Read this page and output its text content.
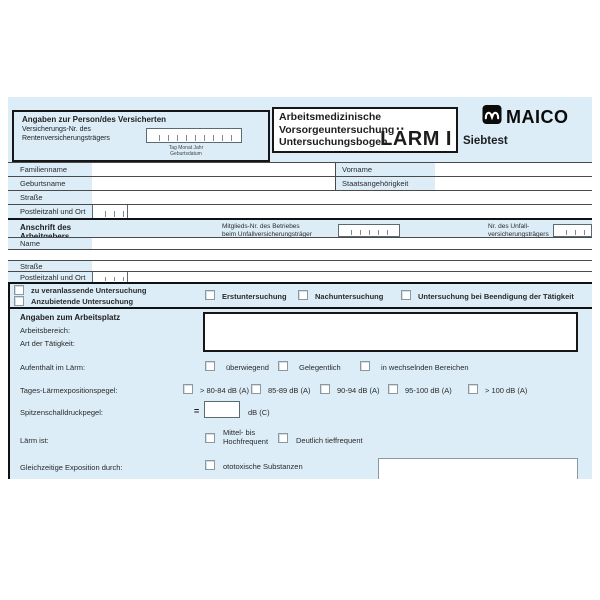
Angaben zur Person/des Versicherten
Versicherungs-Nr. des
Rentenversicherungsträgers
Tag Monat Jahr
Geburtsdatum
Arbeitsmedizinische
Vorsorgeuntersuchung
Untersuchungsbogen
LÄRM I
MAICO
Siebtest
Familienname	Vorname
Geburtsname	Staatsangehörigkeit
Straße
Postleitzahl und Ort
Anschrift des	Mitglieds-Nr. des Betriebes
beim Unfallversicherungsträger
Nr. des Unfall-
versicherungsträgers
Name
Straße
Postleitzahl und Ort
zu veranlassende Untersuchung
Anzubietende Untersuchung
Erstuntersuchung	Nachuntersuchung	Untersuchung bei Beendigung der Tätigkeit
Angaben zum Arbeitsplatz
Arbeitsbereich:
Art der Tätigkeit:
Aufenthalt im Lärm:	überwiegend	Gelegentlich	in wechselnden Bereichen
Tages-Lärmexpositionspegel:	> 80-84 dB (A)	85-89 dB (A)	90-94 dB (A)	95-100 dB (A)	> 100 dB (A)
Spitzenschalldruckpegel:	=	dB (C)
Lärm ist:
Mittel- bis
Hochfrequent	Deutlich tieffrequent
Gleichzeitige Exposition durch:	ototoxische Substanzen
